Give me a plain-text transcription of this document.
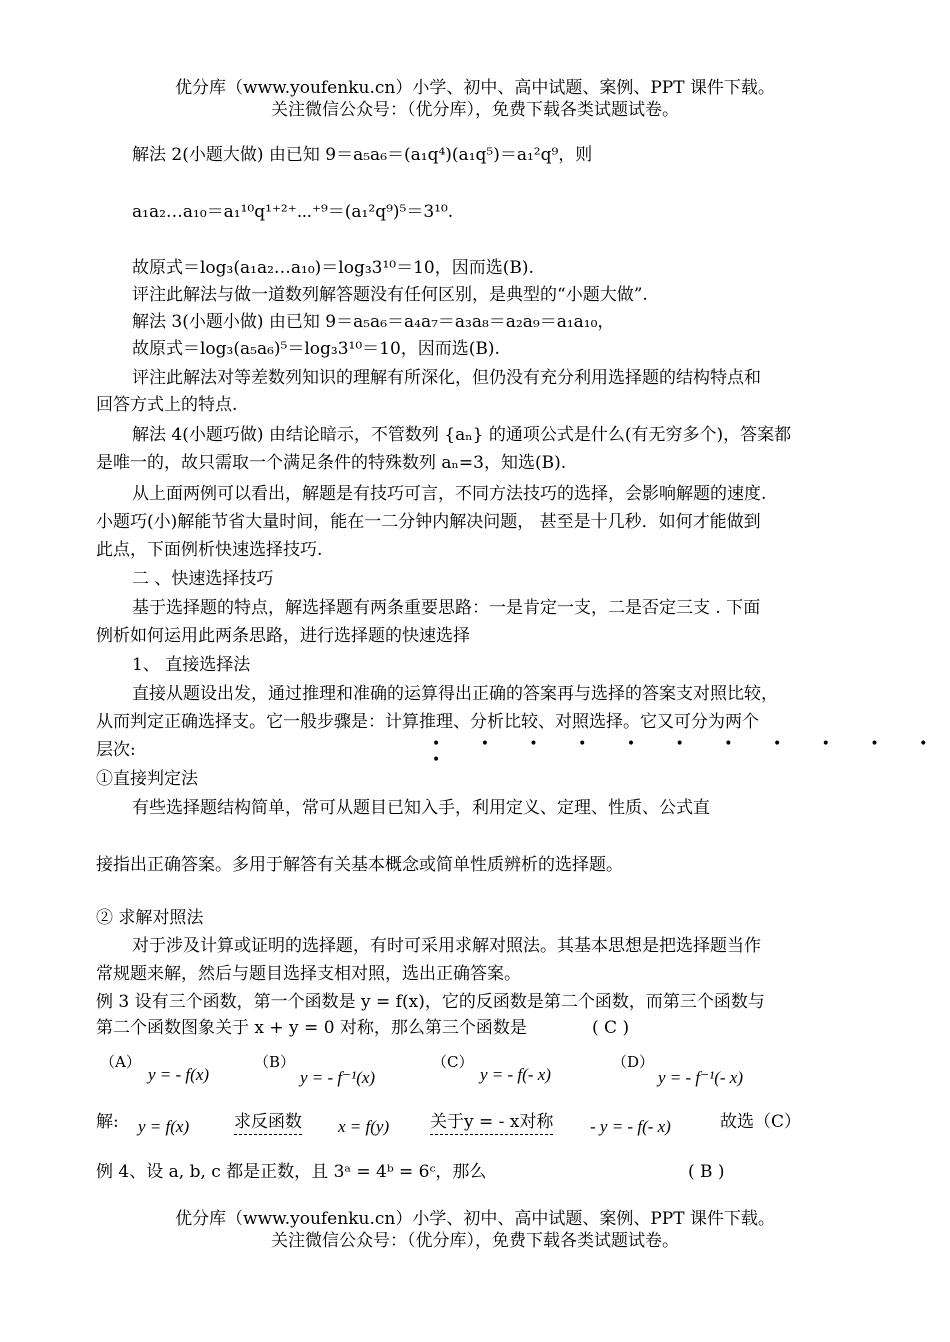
优分库（www.youfenku.cn）小学、初中、高中试题、案例、PPT 课件下载。
关注微信公众号：（优分库），免费下载各类试题试卷。
解法 2(小题大做) 由已知 9＝a₅a₆＝(a₁q⁴)(a₁q⁵)＝a₁²q⁹，则
a₁a₂…a₁₀＝a₁¹⁰q¹⁺²⁺⋯⁺⁹＝(a₁²q⁹)⁵＝3¹⁰.
故原式＝log₃(a₁a₂…a₁₀)＝log₃3¹⁰＝10，因而选(B).
评注此解法与做一道数列解答题没有任何区别，是典型的“小题大做”.
解法 3(小题小做) 由已知 9＝a₅a₆＝a₄a₇＝a₃a₈＝a₂a₉＝a₁a₁₀，
故原式＝log₃(a₅a₆)⁵＝log₃3¹⁰＝10，因而选(B).
评注此解法对等差数列知识的理解有所深化，但仍没有充分利用选择题的结构特点和
回答方式上的特点.
解法 4(小题巧做) 由结论暗示，不管数列 {aₙ} 的通项公式是什么(有无穷多个)，答案都
是唯一的，故只需取一个满足条件的特殊数列 aₙ=3，知选(B).
从上面两例可以看出，解题是有技巧可言，不同方法技巧的选择，会影响解题的速度.
小题巧(小)解能节省大量时间，能在一二分钟内解决问题， 甚至是十几秒．如何才能做到
此点，下面例析快速选择技巧.
二 、快速选择技巧
基于选择题的特点，解选择题有两条重要思路：一是肯定一支，二是否定三支 . 下面
例析如何运用此两条思路，进行选择题的快速选择
1、 直接选择法
直接从题设出发，通过推理和准确的运算得出正确的答案再与选择的答案支对照比较，
从而判定正确选择支。它一般步骤是：计算推理、分析比较、对照选择。它又可分为两个
• • • • • • • • • • • •
层次:
①直接判定法
有些选择题结构简单，常可从题目已知入手，利用定义、定理、性质、公式直
接指出正确答案。多用于解答有关基本概念或简单性质辨析的选择题。
② 求解对照法
对于涉及计算或证明的选择题，有时可采用求解对照法。其基本思想是把选择题当作
常规题来解，然后与题目选择支相对照，选出正确答案。
例 3 设有三个函数，第一个函数是 y = f(x)，它的反函数是第二个函数，而第三个函数与
第二个函数图象关于 x + y = 0 对称，那么第三个函数是	( C )
（A）
y = - f(x)
（B）
y = - f⁻¹(x)
（C）
y = - f(- x)
（D）
y = - f⁻¹(- x)
解: y = f(x)	求反函数 x = f(y) 关于y = - x对称 - y = - f(- x)	故选（C）
例 4、设 a, b, c 都是正数，且 3ᵃ = 4ᵇ = 6ᶜ，那么	( B )
优分库（www.youfenku.cn）小学、初中、高中试题、案例、PPT 课件下载。
关注微信公众号：（优分库），免费下载各类试题试卷。
